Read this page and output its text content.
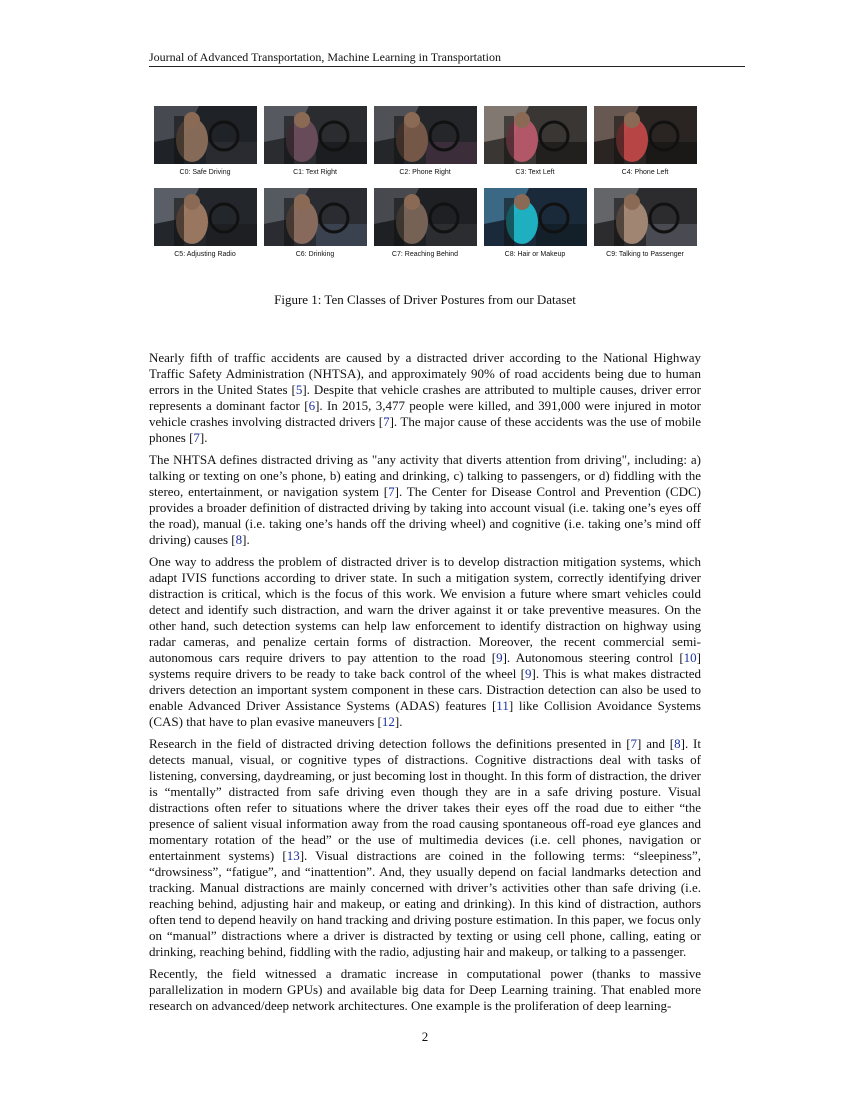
Journal of Advanced Transportation, Machine Learning in Transportation
C0: Safe Driving	C1: Text Right	C2: Phone Right	C3: Text Left	C4: Phone Left
C5: Adjusting Radio	C6: Drinking	C7: Reaching Behind	C8: Hair or Makeup	C9: Talking to Passenger
Figure 1: Ten Classes of Driver Postures from our Dataset

Nearly fifth of traffic accidents are caused by a distracted driver according to the National Highway Traffic Safety Administration (NHTSA), and approximately 90% of road accidents being due to human errors in the United States [5]. Despite that vehicle crashes are attributed to multiple causes, driver error represents a dominant factor [6]. In 2015, 3,477 people were killed, and 391,000 were injured in motor vehicle crashes involving distracted drivers [7]. The major cause of these accidents was the use of mobile phones [7].

The NHTSA defines distracted driving as "any activity that diverts attention from driving", including: a) talking or texting on one’s phone, b) eating and drinking, c) talking to passengers, or d) fiddling with the stereo, entertainment, or navigation system [7]. The Center for Disease Control and Prevention (CDC) provides a broader definition of distracted driving by taking into account visual (i.e. taking one’s eyes off the road), manual (i.e. taking one’s hands off the driving wheel) and cognitive (i.e. taking one’s mind off driving) causes [8].

One way to address the problem of distracted driver is to develop distraction mitigation systems, which adapt IVIS functions according to driver state. In such a mitigation system, correctly identifying driver distraction is critical, which is the focus of this work. We envision a future where smart vehicles could detect and identify such distraction, and warn the driver against it or take preventive measures. On the other hand, such detection systems can help law enforcement to identify distraction on highway using radar cameras, and penalize certain forms of distraction. Moreover, the recent commercial semi-autonomous cars require drivers to pay attention to the road [9]. Autonomous steering control [10] systems require drivers to be ready to take back control of the wheel [9]. This is what makes distracted drivers detection an important system component in these cars. Distraction detection can also be used to enable Advanced Driver Assistance Systems (ADAS) features [11] like Collision Avoidance Systems (CAS) that have to plan evasive maneuvers [12].

Research in the field of distracted driving detection follows the definitions presented in [7] and [8]. It detects manual, visual, or cognitive types of distractions. Cognitive distractions deal with tasks of listening, conversing, daydreaming, or just becoming lost in thought. In this form of distraction, the driver is “mentally” distracted from safe driving even though they are in a safe driving posture. Visual distractions often refer to situations where the driver takes their eyes off the road due to either “the presence of salient visual information away from the road causing spontaneous off-road eye glances and momentary rotation of the head” or the use of multimedia devices (i.e. cell phones, navigation or entertainment systems) [13]. Visual distractions are coined in the following terms: “sleepiness”, “drowsiness”, “fatigue”, and “inattention”. And, they usually depend on facial landmarks detection and tracking. Manual distractions are mainly concerned with driver’s activities other than safe driving (i.e. reaching behind, adjusting hair and makeup, or eating and drinking). In this kind of distraction, authors often tend to depend heavily on hand tracking and driving posture estimation. In this paper, we focus only on “manual” distractions where a driver is distracted by texting or using cell phone, calling, eating or drinking, reaching behind, fiddling with the radio, adjusting hair and makeup, or talking to a passenger.

Recently, the field witnessed a dramatic increase in computational power (thanks to massive parallelization in modern GPUs) and available big data for Deep Learning training. That enabled more research on advanced/deep network architectures. One example is the proliferation of deep learning-

2
